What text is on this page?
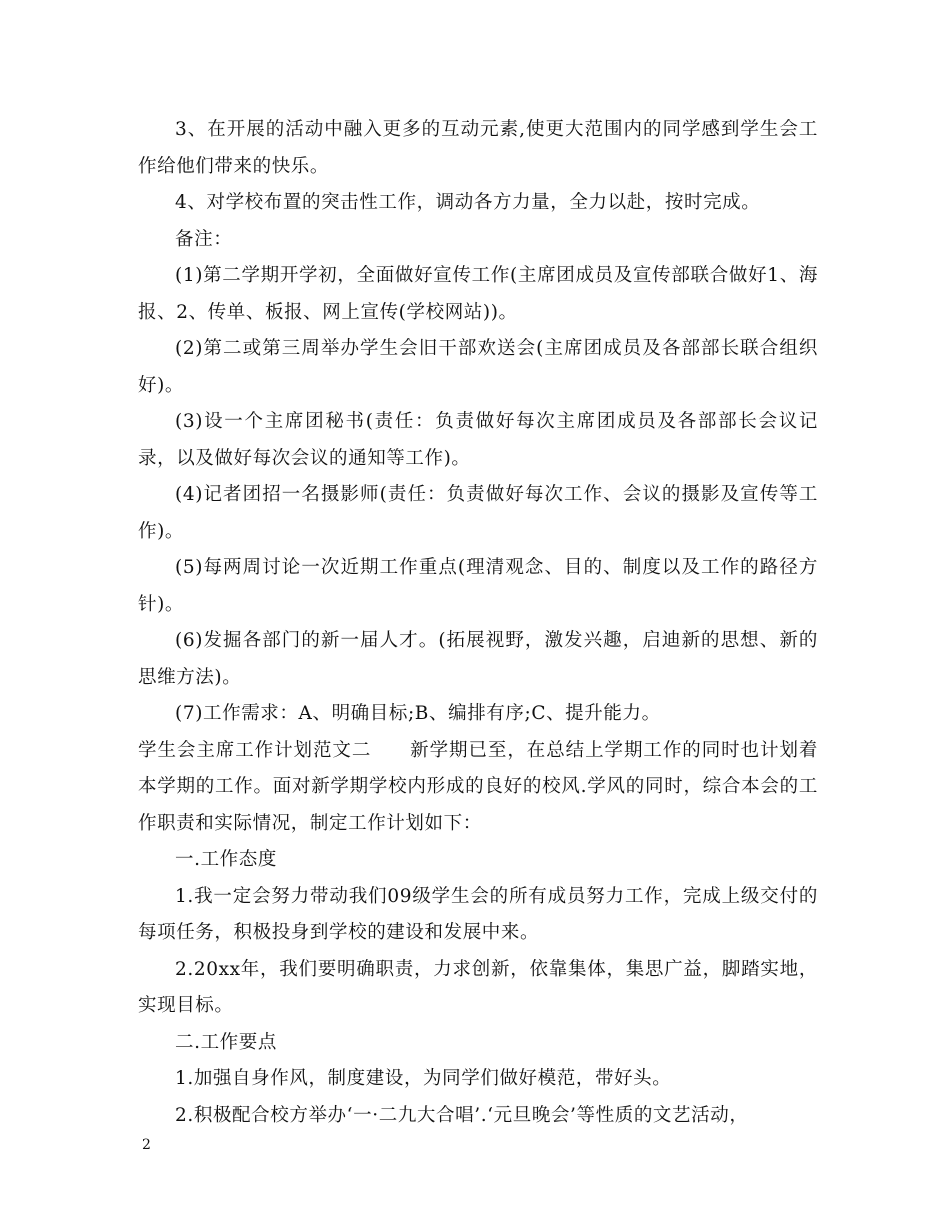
3、在开展的活动中融入更多的互动元素,使更大范围内的同学感到学生会工作给他们带来的快乐。

4、对学校布置的突击性工作，调动各方力量，全力以赴，按时完成。

备注：

(1)第二学期开学初，全面做好宣传工作(主席团成员及宣传部联合做好1、海报、2、传单、板报、网上宣传(学校网站))。

(2)第二或第三周举办学生会旧干部欢送会(主席团成员及各部部长联合组织好)。

(3)设一个主席团秘书(责任：负责做好每次主席团成员及各部部长会议记录，以及做好每次会议的通知等工作)。

(4)记者团招一名摄影师(责任：负责做好每次工作、会议的摄影及宣传等工作)。

(5)每两周讨论一次近期工作重点(理清观念、目的、制度以及工作的路径方针)。

(6)发掘各部门的新一届人才。(拓展视野，激发兴趣，启迪新的思想、新的思维方法)。

(7)工作需求：A、明确目标;B、编排有序;C、提升能力。

学生会主席工作计划范文二　　新学期已至，在总结上学期工作的同时也计划着本学期的工作。面对新学期学校内形成的良好的校风.学风的同时，综合本会的工作职责和实际情况，制定工作计划如下：

一.工作态度

1.我一定会努力带动我们09级学生会的所有成员努力工作，完成上级交付的每项任务，积极投身到学校的建设和发展中来。

2.20xx年，我们要明确职责，力求创新，依靠集体，集思广益，脚踏实地，实现目标。

二.工作要点

1.加强自身作风，制度建设，为同学们做好模范，带好头。

2.积极配合校方举办‘一·二九大合唱’.‘元旦晚会’等性质的文艺活动，

2
